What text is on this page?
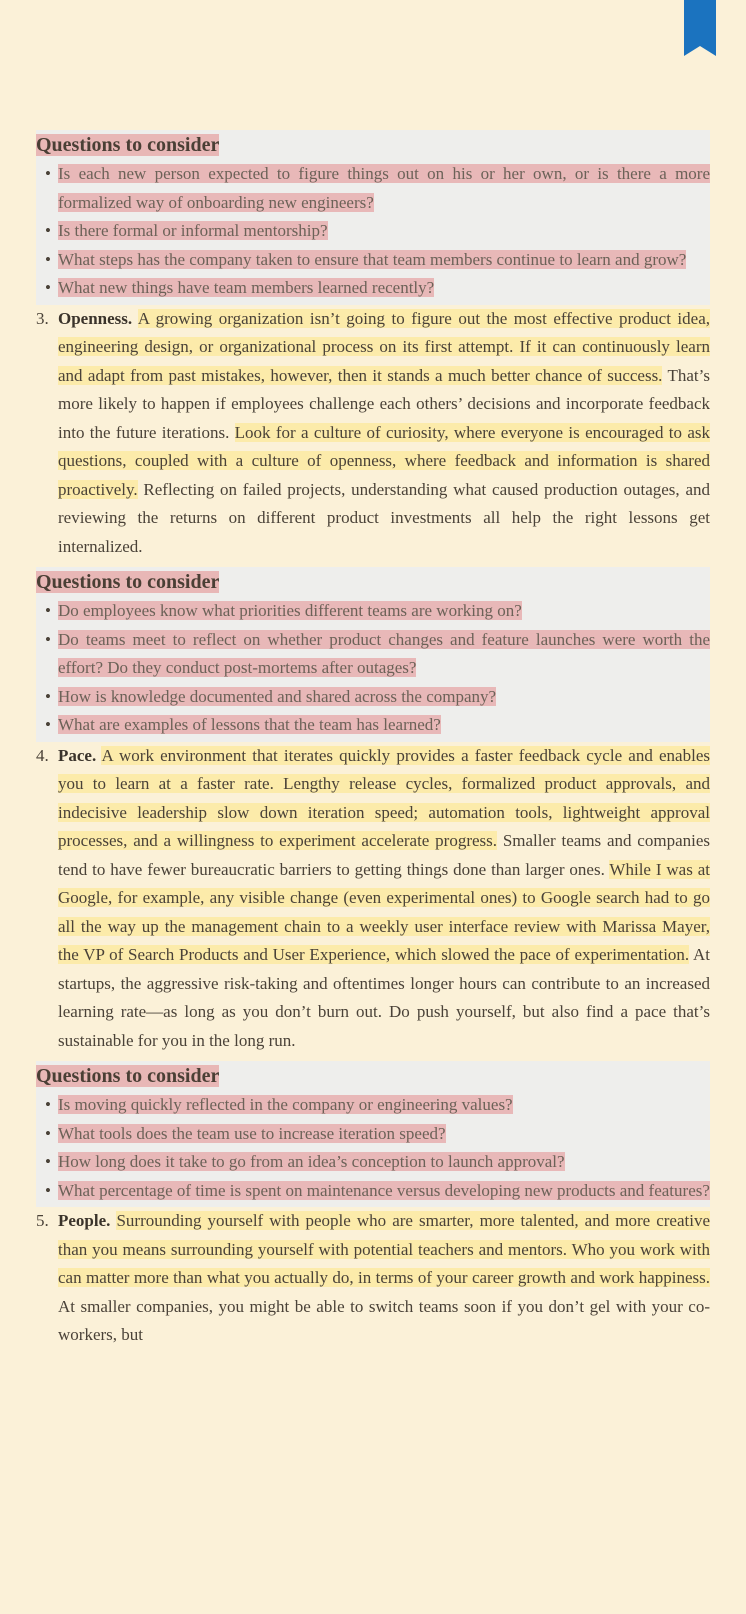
Questions to consider
• Is each new person expected to figure things out on his or her own, or is there a more formalized way of onboarding new engineers?
• Is there formal or informal mentorship?
• What steps has the company taken to ensure that team members continue to learn and grow?
• What new things have team members learned recently?
3. Openness. A growing organization isn’t going to figure out the most effective product idea, engineering design, or organizational process on its first attempt. If it can continuously learn and adapt from past mistakes, however, then it stands a much better chance of success. That’s more likely to happen if employees challenge each others’ decisions and incorporate feedback into the future iterations. Look for a culture of curiosity, where everyone is encouraged to ask questions, coupled with a culture of openness, where feedback and information is shared proactively. Reflecting on failed projects, understanding what caused production outages, and reviewing the returns on different product investments all help the right lessons get internalized.
Questions to consider
• Do employees know what priorities different teams are working on?
• Do teams meet to reflect on whether product changes and feature launches were worth the effort? Do they conduct post-mortems after outages?
• How is knowledge documented and shared across the company?
• What are examples of lessons that the team has learned?
4. Pace. A work environment that iterates quickly provides a faster feedback cycle and enables you to learn at a faster rate. Lengthy release cycles, formalized product approvals, and indecisive leadership slow down iteration speed; automation tools, lightweight approval processes, and a willingness to experiment accelerate progress. Smaller teams and companies tend to have fewer bureaucratic barriers to getting things done than larger ones. While I was at Google, for example, any visible change (even experimental ones) to Google search had to go all the way up the management chain to a weekly user interface review with Marissa Mayer, the VP of Search Products and User Experience, which slowed the pace of experimentation. At startups, the aggressive risk-taking and oftentimes longer hours can contribute to an increased learning rate—as long as you don’t burn out. Do push yourself, but also find a pace that’s sustainable for you in the long run.
Questions to consider
• Is moving quickly reflected in the company or engineering values?
• What tools does the team use to increase iteration speed?
• How long does it take to go from an idea’s conception to launch approval?
• What percentage of time is spent on maintenance versus developing new products and features?
5. People. Surrounding yourself with people who are smarter, more talented, and more creative than you means surrounding yourself with potential teachers and mentors. Who you work with can matter more than what you actually do, in terms of your career growth and work happiness. At smaller companies, you might be able to switch teams soon if you don’t gel with your co-workers, but
